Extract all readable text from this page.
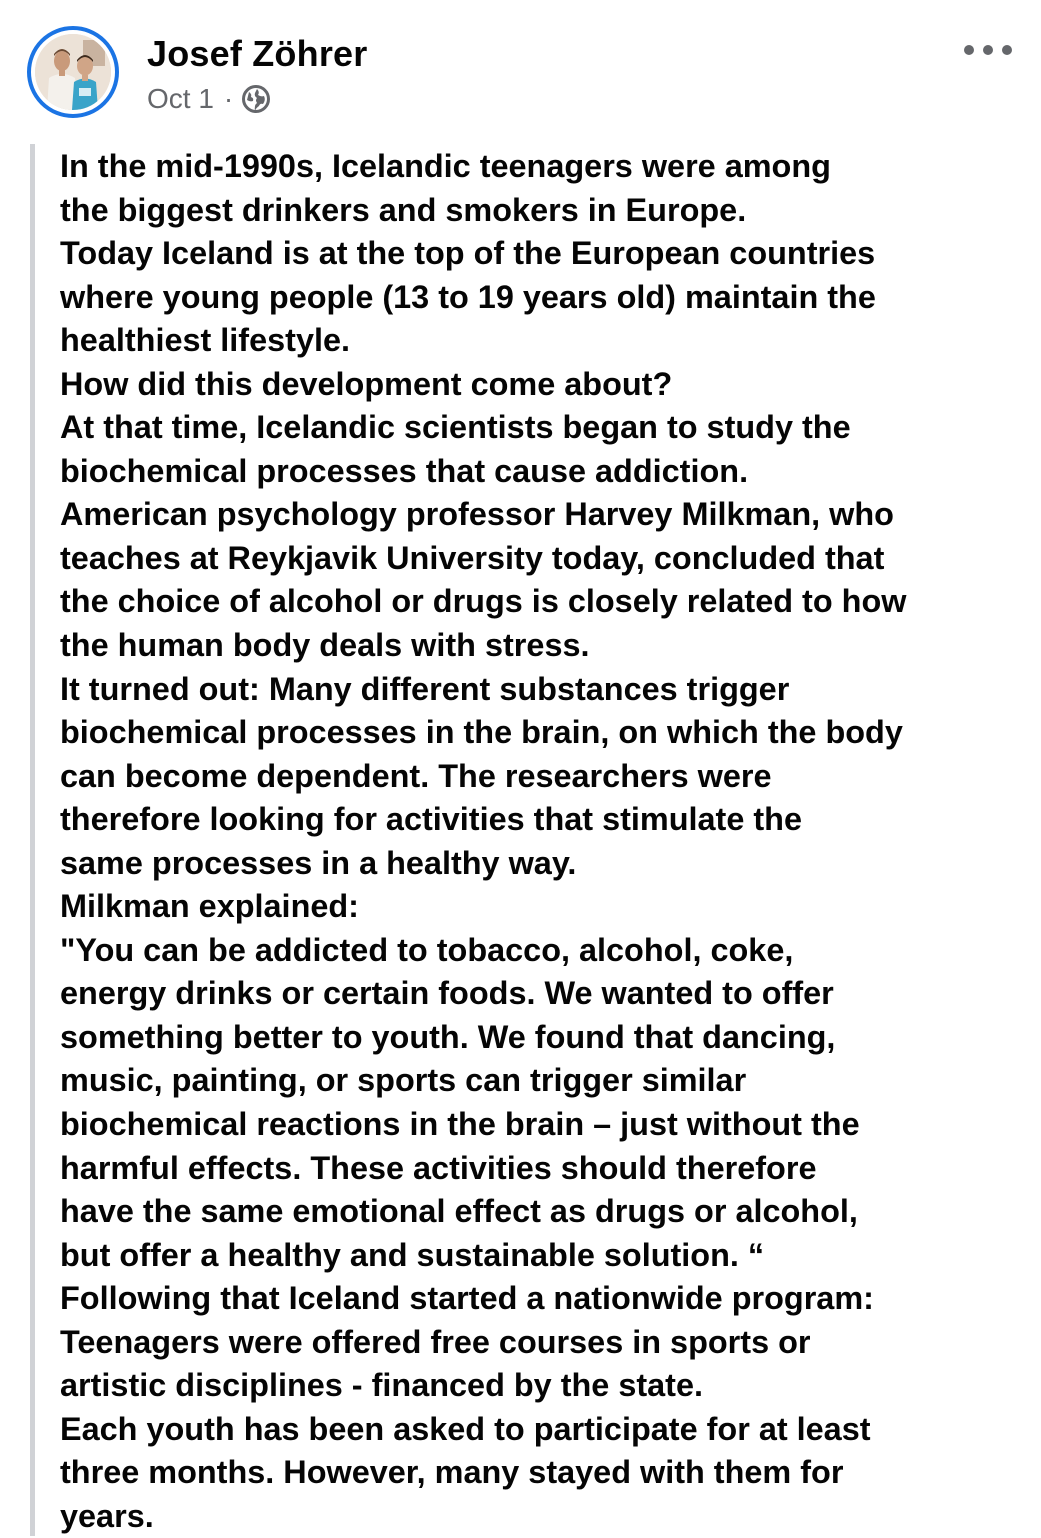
Josef Zöhrer
Oct 1 ·
In the mid-1990s, Icelandic teenagers were among
the biggest drinkers and smokers in Europe.
Today Iceland is at the top of the European countries
where young people (13 to 19 years old) maintain the
healthiest lifestyle.
How did this development come about?
At that time, Icelandic scientists began to study the
biochemical processes that cause addiction.
American psychology professor Harvey Milkman, who
teaches at Reykjavik University today, concluded that
the choice of alcohol or drugs is closely related to how
the human body deals with stress.
It turned out: Many different substances trigger
biochemical processes in the brain, on which the body
can become dependent. The researchers were
therefore looking for activities that stimulate the
same processes in a healthy way.
Milkman explained:
"You can be addicted to tobacco, alcohol, coke,
energy drinks or certain foods. We wanted to offer
something better to youth. We found that dancing,
music, painting, or sports can trigger similar
biochemical reactions in the brain – just without the
harmful effects. These activities should therefore
have the same emotional effect as drugs or alcohol,
but offer a healthy and sustainable solution. “
Following that Iceland started a nationwide program:
Teenagers were offered free courses in sports or
artistic disciplines - financed by the state.
Each youth has been asked to participate for at least
three months. However, many stayed with them for
years.
